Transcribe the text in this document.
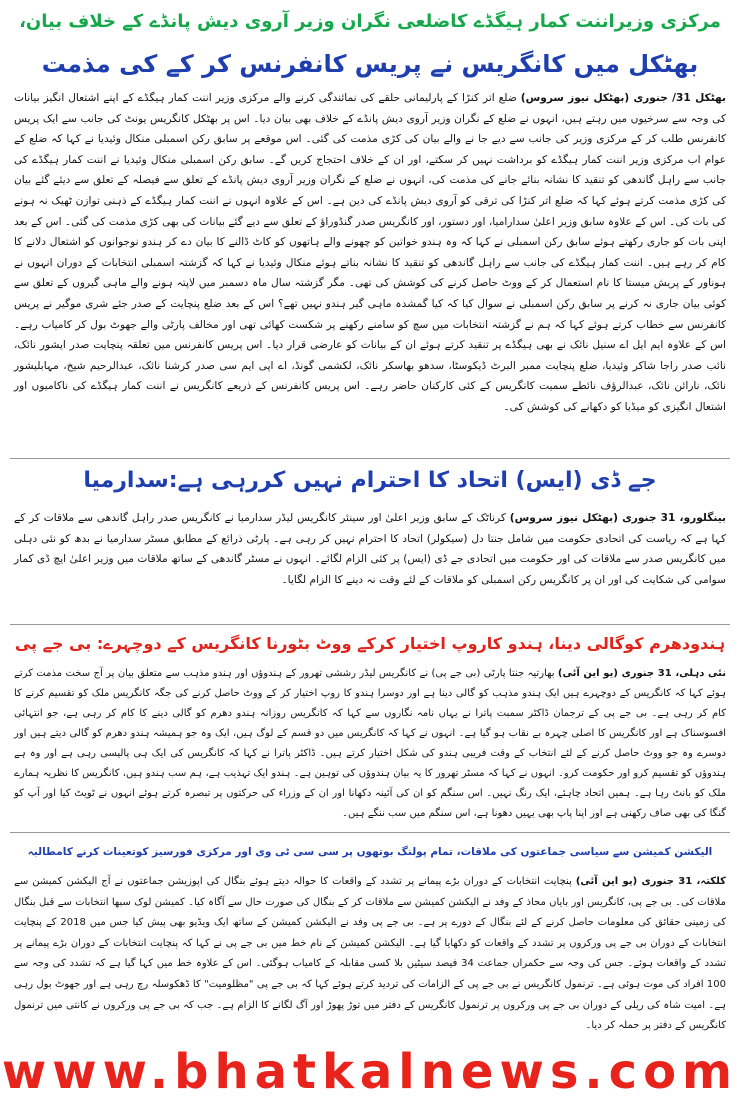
مرکزی وزیراننت کمار ہیگڈے کاضلعی نگران وزیر آروی دیش پانڈے کے خلاف بیان،
بھٹکل میں کانگریس نے پریس کانفرنس کر کے کی مذمت

بھٹکل 31/ جنوری (بھٹکل نیوز سروس) ضلع اتر کنڑا کے پارلیمانی حلقے کی نمائندگی کرنے والے مرکزی وزیر اننت کمار ہیگڈے کے اپنے اشتعال انگیز بیانات کی وجہ سے سرخیوں میں رہتے ہیں، انہوں نے ضلع کے نگران وزیر آروی دیش پانڈے کے خلاف بھی بیان دیا۔ اس پر بھٹکل کانگریس یونٹ کی جانب سے ایک پریس کانفرنس طلب کر کے مرکزی وزیر کی جانب سے دیے جا نے والے بیان کی کڑی مذمت کی گئی۔ اس موقعے پر سابق رکن اسمبلی منکال وئیدیا نے کہا کہ ضلع کے عوام اب مرکزی وزیر اننت کمار ہیگڈے کو برداشت نہیں کر سکتے، اور ان کے خلاف احتجاج کریں گے۔ سابق رکن اسمبلی منکال وئیدیا نے اننت کمار ہیگڈے کی جانب سے راہل گاندھی کو تنقید کا نشانہ بنائے جانے کی مذمت کی، انہوں نے ضلع کے نگران وزیر آروی دیش پانڈے کے تعلق سے فیصلہ کے تعلق سے دیئے گئے بیان کی کڑی مذمت کرتے ہوئے کہا کہ ضلع اتر کنڑا کی ترقی کو آروی دیش پانڈے کی دین ہے۔ اس کے علاوہ انہوں نے اننت کمار ہیگڈے کے ذہنی توازن ٹھیک نہ ہونے کی بات کی۔ اس کے علاوہ سابق وزیر اعلیٰ سدارامیا، اور دستور، اور کانگریس صدر گنڈوراؤ کے تعلق سے دیے گئے بیانات کی بھی کڑی مذمت کی گئی۔ اس کے بعد اپنی بات کو جاری رکھتے ہوئے سابق رکن اسمبلی نے کہا کہ وہ ہندو خواتین کو چھونے والے ہاتھوں کو کاٹ ڈالنے کا بیان دے کر ہندو نوجوانوں کو اشتعال دلانے کا کام کر رہے ہیں۔ اننت کمار ہیگڈے کی جانب سے راہل گاندھی کو تنقید کا نشانہ بناتے ہوئے منکال وئیدیا نے کہا کہ گزشتہ اسمبلی انتخابات کے دوران انہوں نے ہوناور کے پریش میستا کا نام استعمال کر کے ووٹ حاصل کرنے کی کوشش کی تھی۔ مگر گزشتہ سال ماہ دسمبر میں لاپتہ ہونے والے ماہی گیروں کے تعلق سے کوئی بیان جاری نہ کرنے پر سابق رکن اسمبلی نے سوال کیا کہ کیا گمشدہ ماہی گیر ہندو نہیں تھے؟ اس کے بعد ضلع پنچایت کے صدر جئے شری موگیر نے پریس کانفرنس سے خطاب کرتے ہوئے کہا کہ ہم نے گزشتہ انتخابات میں سچ کو سامنے رکھنے پر شکست کھائی تھی اور مخالف پارٹی والے جھوٹ بول کر کامیاب رہے۔ اس کے علاوہ ایم ایل اے سنیل نائک نے بھی ہیگڈے پر تنقید کرتے ہوئے ان کے بیانات کو عارضی قرار دیا۔ اس پریس کانفرنس میں تعلقہ پنچایت صدر ایشور نائک، نائب صدر راجا شاکر وئیدیا، ضلع پنچایت ممبر البرٹ ڈیکوسٹا، سدھو بھاسکر نائک، لکشمی گونڈ، اے اپی ایم سی صدر کرشنا نائک، عبدالرحیم شیخ، مہابلیشور نائک، نارائن نائک، عبدالرؤف نائطے سمیت کانگریس کے کئی کارکنان حاضر رہے۔ اس پریس کانفرنس کے ذریعے کانگریس نے اننت کمار ہیگڈے کی ناکامیوں اور اشتعال انگیزی کو میڈیا کو دکھانے کی کوشش کی۔

جے ڈی (ایس) اتحاد کا احترام نہیں کررہی ہے:سدارمیا

بینگلورو، 31 جنوری (بھٹکل نیوز سروس) کرناٹک کے سابق وزیر اعلیٰ اور سینئر کانگریس لیڈر سدارمیا نے کانگریس صدر راہل گاندھی سے ملاقات کر کے کہا ہے کہ ریاست کی اتحادی حکومت میں شامل جنتا دل (سیکولر) اتحاد کا احترام نہیں کر رہی ہے۔ پارٹی ذرائع کے مطابق مسٹر سدارمیا نے بدھ کو نئی دہلی میں کانگریس صدر سے ملاقات کی اور حکومت میں اتحادی جے ڈی (ایس) پر کئی الزام لگائے۔ انہوں نے مسٹر گاندھی کے ساتھ ملاقات میں وزیر اعلیٰ ایچ ڈی کمار سوامی کی شکایت کی اور ان پر کانگریس رکن اسمبلی کو ملاقات کے لئے وقت نہ دینے کا الزام لگایا۔

ہندودھرم کوگالی دینا، ہندو کاروپ اختیار کرکے ووٹ بٹورنا کانگریس کے دوچہرے: بی جے پی

نئی دہلی، 31 جنوری (یو این آئی) بھارتیہ جنتا پارٹی (بی جے پی) نے کانگریس لیڈر رششی تھرور کے ہندوؤں اور ہندو مذہب سے متعلق بیان پر آج سخت مذمت کرتے ہوئے کہا کہ کانگریس کے دوچہرے ہیں ایک ہندو مذہب کو گالی دینا ہے اور دوسرا ہندو کا روپ اختیار کر کے ووٹ حاصل کرنے کی جگہ کانگریس ملک کو تقسیم کرنے کا کام کر رہی ہے۔ بی جے پی کے ترجمان ڈاکٹر سمبت پاترا نے یہاں نامہ نگاروں سے کہا کہ کانگریس روزانہ ہندو دھرم کو گالی دینے کا کام کر رہی ہے، جو انتہائی افسوسناک ہے اور کانگریس کا اصلی چہرہ بے نقاب ہو گیا ہے۔ انہوں نے کہا کہ کانگریس میں دو قسم کے لوگ ہیں، ایک وہ جو ہمیشہ ہندو دھرم کو گالی دیتے ہیں اور دوسرے وہ جو ووٹ حاصل کرنے کے لئے انتخاب کے وقت فریبی ہندو کی شکل اختیار کرتے ہیں۔ ڈاکٹر پاترا نے کہا کہ کانگریس کی ایک ہی پالیسی رہی ہے اور وہ ہے ہندوؤں کو تقسیم کرو اور حکومت کرو۔ انہوں نے کہا کہ مسٹر تھرور کا یہ بیان ہندوؤں کی توہین ہے۔ ہندو ایک تہذیب ہے، ہم سب ہندو ہیں، کانگریس کا نظریہ ہمارے ملک کو بانٹ رہا ہے۔ ہمیں اتحاد چاہئے، ایک رنگ نہیں۔ اس سنگم کو ان کی آئینہ دکھانا اور ان کے وزراء کی حرکتوں پر تبصرہ کرتے ہوئے انہوں نے ٹویٹ کیا اور آپ کو گنگا کی بھی صاف رکھنی ہے اور اپنا پاپ بھی یہیں دھونا ہے، اس سنگم میں سب ننگے ہیں۔

الیکشن کمیشن سے سیاسی جماعتوں کی ملاقات، تمام پولنگ بوتھوں پر سی سی ٹی وی اور مرکزی فورسیز کوتعینات کرنے کامطالبہ

کلکتہ، 31 جنوری (یو این آئی) پنچایت انتخابات کے دوران بڑے پیمانے پر تشدد کے واقعات کا حوالہ دیتے ہوئے بنگال کی اپوزیشن جماعتوں نے آج الیکشن کمیشن سے ملاقات کی۔ بی جے پی، کانگریس اور بایاں محاذ کے وفد نے الیکشن کمیشن سے ملاقات کر کے بنگال کی صورت حال سے آگاہ کیا۔ کمیشن لوک سبھا انتخابات سے قبل بنگال کی زمینی حقائق کی معلومات حاصل کرنے کے لئے بنگال کے دورے پر ہے۔ بی جے پی وفد نے الیکشن کمیشن کے ساتھ ایک ویڈیو بھی پیش کیا جس میں 2018 کے پنچایت انتخابات کے دوران بی جے پی ورکروں پر تشدد کے واقعات کو دکھایا گیا ہے۔ الیکشن کمیشن کے نام خط میں بی جے پی نے کہا کہ پنچایت انتخابات کے دوران بڑے پیمانے پر تشدد کے واقعات ہوئے۔ جس کی وجہ سے حکمراں جماعت 34 فیصد سیٹیں بلا کسی مقابلہ کے کامیاب ہوگئی۔ اس کے علاوہ خط میں کہا گیا ہے کہ تشدد کی وجہ سے 100 افراد کی موت ہوئی ہے۔ ترنمول کانگریس نے بی جے پی کے الزامات کی تردید کرتے ہوئے کہا کہ بی جے پی "مظلومیت" کا ڈھکوسلہ رچ رہی ہے اور جھوٹ بول رہی ہے۔ امیت شاہ کی ریلی کے دوران بی جے پی ورکروں پر ترنمول کانگریس کے دفتر میں توڑ پھوڑ اور آگ لگانے کا الزام ہے۔ جب کہ بی جے پی ورکروں نے کانتی میں ترنمول کانگریس کے دفتر پر حملہ کر دیا۔

www.bhatkalnews.com
